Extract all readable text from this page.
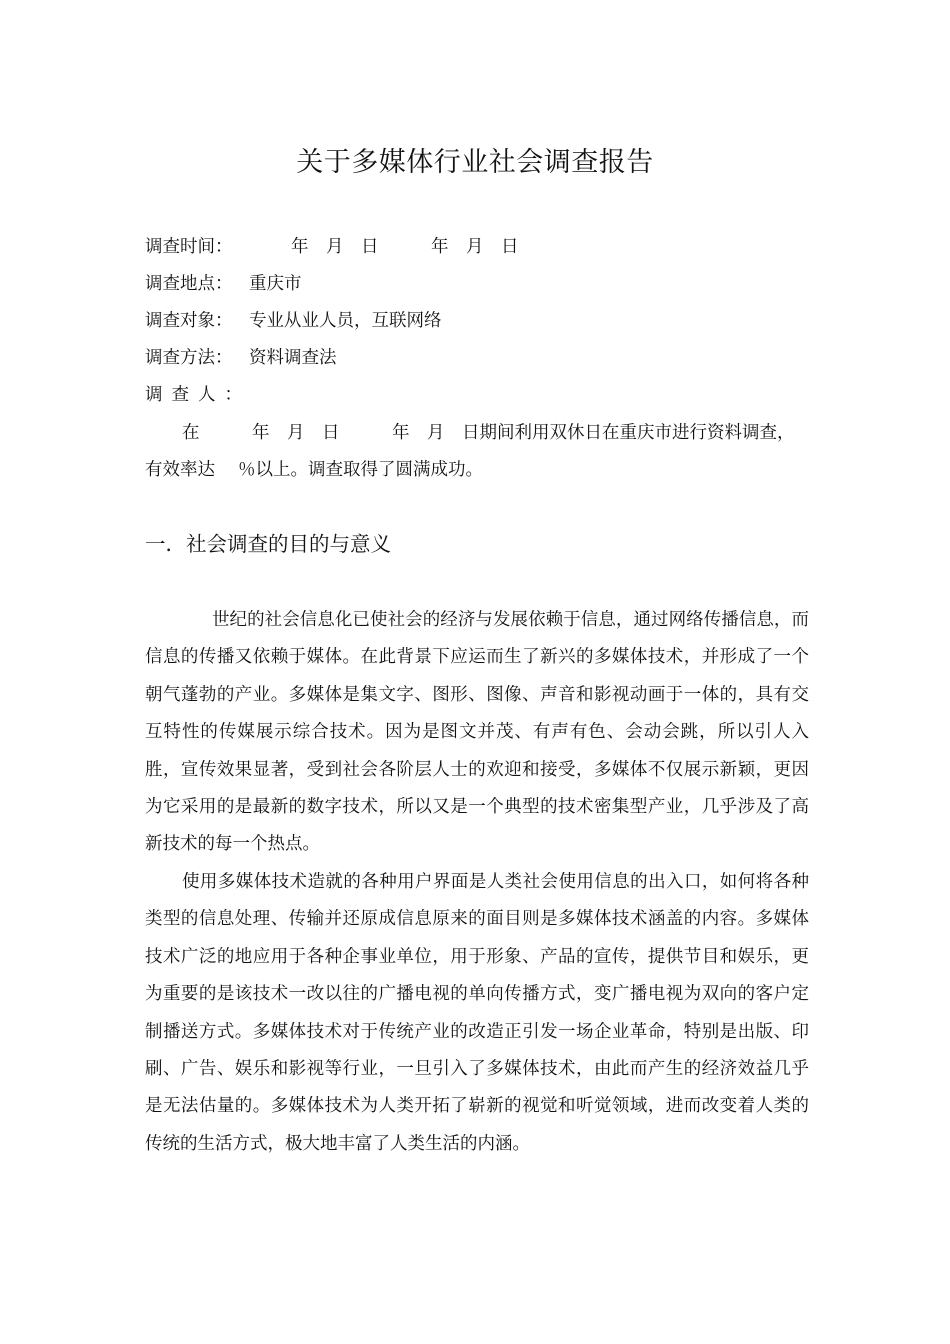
关于多媒体行业社会调查报告
调查时间：	年　月　日　　　年　月　日
调查地点： 重庆市
调查对象： 专业从业人员，互联网络
调查方法： 资料调查法
调查人：

在　　　年　月　日　　　年　月　日期间利用双休日在重庆市进行资料调查，有效率达　 ％以上。调查取得了圆满成功。

一．社会调查的目的与意义

世纪的社会信息化已使社会的经济与发展依赖于信息，通过网络传播信息，而信息的传播又依赖于媒体。在此背景下应运而生了新兴的多媒体技术，并形成了一个朝气蓬勃的产业。多媒体是集文字、图形、图像、声音和影视动画于一体的，具有交互特性的传媒展示综合技术。因为是图文并茂、有声有色、会动会跳，所以引人入胜，宣传效果显著，受到社会各阶层人士的欢迎和接受，多媒体不仅展示新颖，更因为它采用的是最新的数字技术，所以又是一个典型的技术密集型产业，几乎涉及了高新技术的每一个热点。

使用多媒体技术造就的各种用户界面是人类社会使用信息的出入口，如何将各种类型的信息处理、传输并还原成信息原来的面目则是多媒体技术涵盖的内容。多媒体技术广泛的地应用于各种企事业单位，用于形象、产品的宣传，提供节目和娱乐，更为重要的是该技术一改以往的广播电视的单向传播方式，变广播电视为双向的客户定制播送方式。多媒体技术对于传统产业的改造正引发一场企业革命，特别是出版、印刷、广告、娱乐和影视等行业，一旦引入了多媒体技术，由此而产生的经济效益几乎是无法估量的。多媒体技术为人类开拓了崭新的视觉和听觉领域，进而改变着人类的传统的生活方式，极大地丰富了人类生活的内涵。
